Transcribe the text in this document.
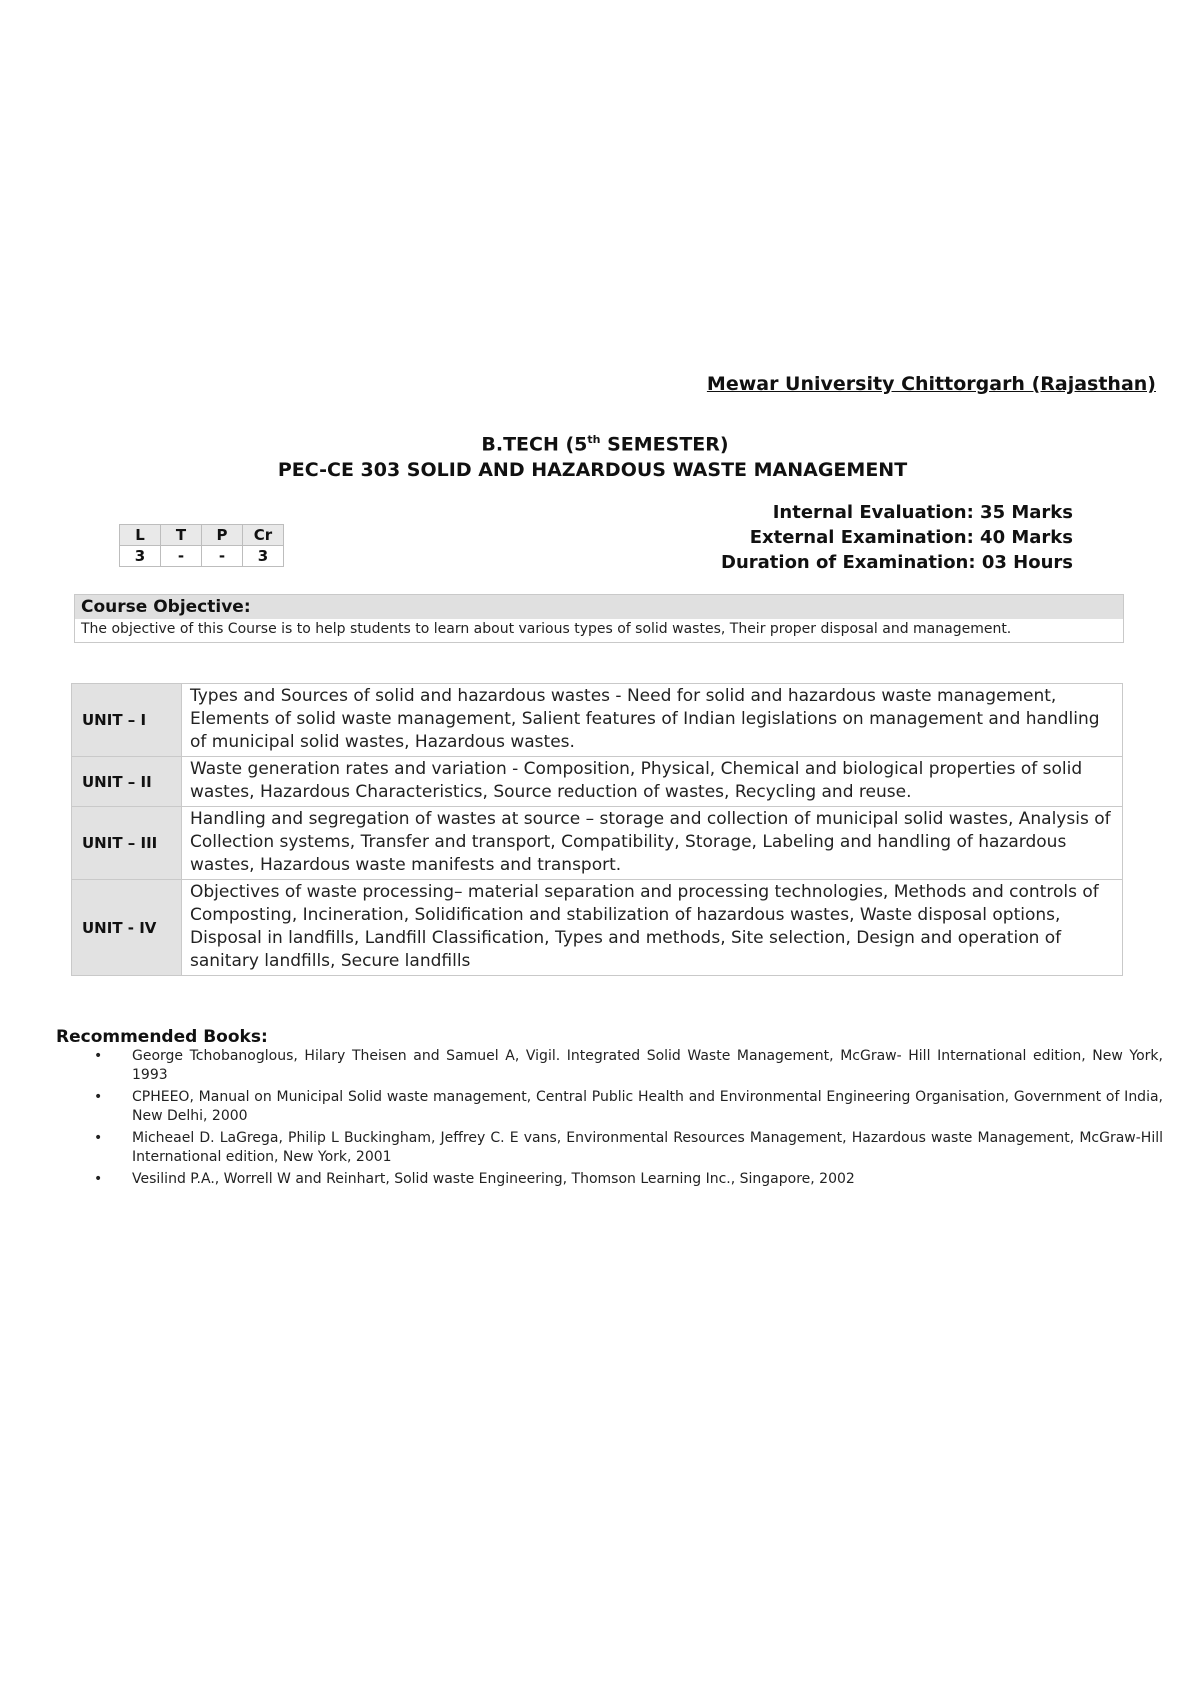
Mewar University Chittorgarh (Rajasthan)

B.TECH (5th SEMESTER)
PEC-CE 303 SOLID AND HAZARDOUS WASTE MANAGEMENT
L	T	P	Cr
3	-	-	3
Internal Evaluation: 35 Marks
External Examination: 40 Marks
Duration of Examination: 03 Hours
Course Objective:
The objective of this Course is to help students to learn about various types of solid wastes, Their proper disposal and management.
UNIT – I	Types and Sources of solid and hazardous wastes - Need for solid and hazardous waste management, Elements of solid waste management, Salient features of Indian legislations on management and handling of municipal solid wastes, Hazardous wastes.
UNIT – II	Waste generation rates and variation - Composition, Physical, Chemical and biological properties of solid wastes, Hazardous Characteristics, Source reduction of wastes, Recycling and reuse.
UNIT – III	Handling and segregation of wastes at source – storage and collection of municipal solid wastes, Analysis of Collection systems, Transfer and transport, Compatibility, Storage, Labeling and handling of hazardous wastes, Hazardous waste manifests and transport.
UNIT - IV	Objectives of waste processing– material separation and processing technologies, Methods and controls of Composting, Incineration, Solidification and stabilization of hazardous wastes, Waste disposal options, Disposal in landfills, Landfill Classification, Types and methods, Site selection, Design and operation of sanitary landfills, Secure landfills

Recommended Books:

• George Tchobanoglous, Hilary Theisen and Samuel A, Vigil. Integrated Solid Waste Management, McGraw- Hill International edition, New York, 1993
• CPHEEO, Manual on Municipal Solid waste management, Central Public Health and Environmental Engineering Organisation, Government of India, New Delhi, 2000
• Micheael D. LaGrega, Philip L Buckingham, Jeffrey C. E vans, Environmental Resources Management, Hazardous waste Management, McGraw-Hill International edition, New York, 2001
• Vesilind P.A., Worrell W and Reinhart, Solid waste Engineering, Thomson Learning Inc., Singapore, 2002
